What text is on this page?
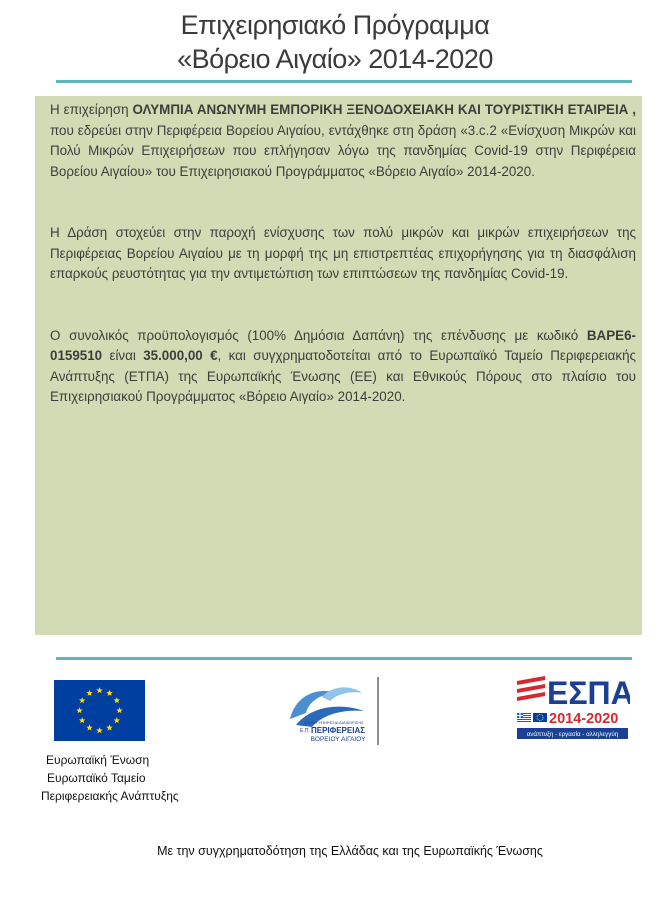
Επιχειρησιακό Πρόγραμμα
«Βόρειο Αιγαίο» 2014-2020

Η επιχείρηση ΟΛΥΜΠΙΑ ΑΝΩΝΥΜΗ ΕΜΠΟΡΙΚΗ ΞΕΝΟΔΟΧΕΙΑΚΗ ΚΑΙ ΤΟΥΡΙΣΤΙΚΗ ΕΤΑΙΡΕΙΑ , που εδρεύει στην Περιφέρεια Βορείου Αιγαίου, εντάχθηκε στη δράση «3.c.2 «Ενίσχυση Μικρών και Πολύ Μικρών Επιχειρήσεων που επλήγησαν λόγω της πανδημίας Covid-19 στην Περιφέρεια Βορείου Αιγαίου» του Επιχειρησιακού Προγράμματος «Βόρειο Αιγαίο» 2014-2020.

Η Δράση στοχεύει στην παροχή ενίσχυσης των πολύ μικρών και μικρών επιχειρήσεων της Περιφέρειας Βορείου Αιγαίου με τη μορφή της μη επιστρεπτέας επιχορήγησης για τη διασφάλιση επαρκούς ρευστότητας για την αντιμετώπιση των επιπτώσεων της πανδημίας Covid-19.

Ο συνολικός προϋπολογισμός (100% Δημόσια Δαπάνη) της επένδυσης με κωδικό ΒΑΡΕ6-0159510 είναι 35.000,00 €, και συγχρηματοδοτείται από το Ευρωπαϊκό Ταμείο Περιφερειακής Ανάπτυξης (ΕΤΠΑ) της Ευρωπαϊκής Ένωσης (ΕΕ) και Εθνικούς Πόρους στο πλαίσιο του Επιχειρησιακού Προγράμματος «Βόρειο Αιγαίο» 2014-2020.

Ευρωπαϊκή Ένωση
Ευρωπαϊκό Ταμείο
Περιφερειακής Ανάπτυξης
ΕΙΔΙΚΗ ΥΠΗΡΕΣΙΑ ΔΙΑΧΕΙΡΙΣΗΣ
Ε.Π. ΠΕΡΙΦΕΡΕΙΑΣ
ΒΟΡΕΙΟΥ ΑΙΓΑΙΟΥ
ΕΣΠΑ
2014-2020
ανάπτυξη - εργασία - αλληλεγγύη
Με την συγχρηματοδότηση της Ελλάδας και της Ευρωπαϊκής Ένωσης
